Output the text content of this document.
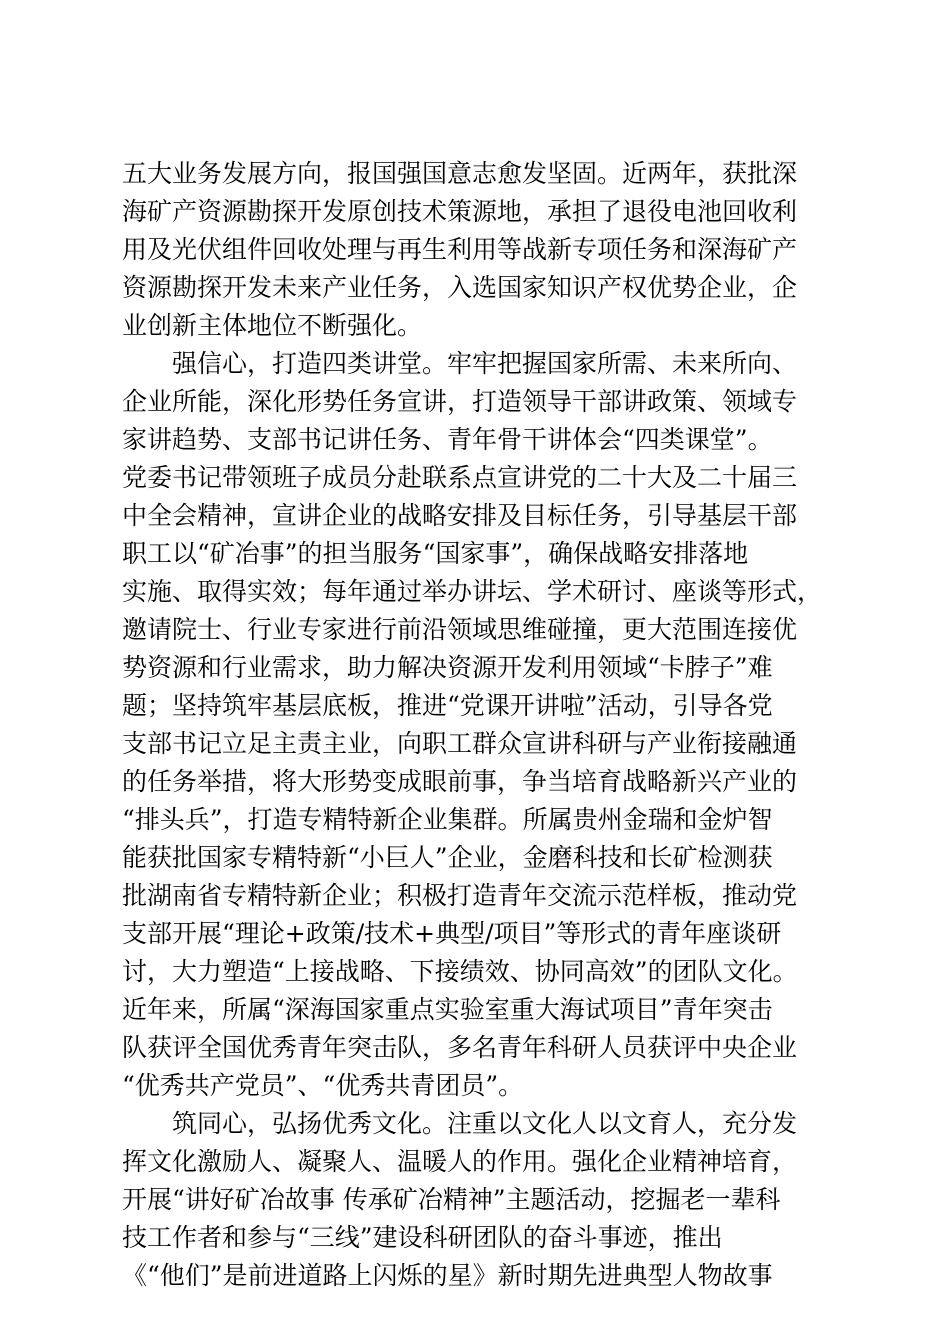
五大业务发展方向，报国强国意志愈发坚固。近两年，获批深
海矿产资源勘探开发原创技术策源地，承担了退役电池回收利
用及光伏组件回收处理与再生利用等战新专项任务和深海矿产
资源勘探开发未来产业任务，入选国家知识产权优势企业，企
业创新主体地位不断强化。
强信心，打造四类讲堂。牢牢把握国家所需、未来所向、
企业所能，深化形势任务宣讲，打造领导干部讲政策、领域专
家讲趋势、支部书记讲任务、青年骨干讲体会“四类课堂”。
党委书记带领班子成员分赴联系点宣讲党的二十大及二十届三
中全会精神，宣讲企业的战略安排及目标任务，引导基层干部
职工以“矿冶事”的担当服务“国家事”，确保战略安排落地
实施、取得实效；每年通过举办讲坛、学术研讨、座谈等形式，
邀请院士、行业专家进行前沿领域思维碰撞，更大范围连接优
势资源和行业需求，助力解决资源开发利用领域“卡脖子”难
题；坚持筑牢基层底板，推进“党课开讲啦”活动，引导各党
支部书记立足主责主业，向职工群众宣讲科研与产业衔接融通
的任务举措，将大形势变成眼前事，争当培育战略新兴产业的
“排头兵”，打造专精特新企业集群。所属贵州金瑞和金炉智
能获批国家专精特新“小巨人”企业，金磨科技和长矿检测获
批湖南省专精特新企业；积极打造青年交流示范样板，推动党
支部开展“理论+政策/技术+典型/项目”等形式的青年座谈研
讨，大力塑造“上接战略、下接绩效、协同高效”的团队文化。
近年来，所属“深海国家重点实验室重大海试项目”青年突击
队获评全国优秀青年突击队，多名青年科研人员获评中央企业
“优秀共产党员”、“优秀共青团员”。
筑同心，弘扬优秀文化。注重以文化人以文育人，充分发
挥文化激励人、凝聚人、温暖人的作用。强化企业精神培育，
开展“讲好矿冶故事 传承矿冶精神”主题活动，挖掘老一辈科
技工作者和参与“三线”建设科研团队的奋斗事迹，推出
《“他们”是前进道路上闪烁的星》新时期先进典型人物故事
